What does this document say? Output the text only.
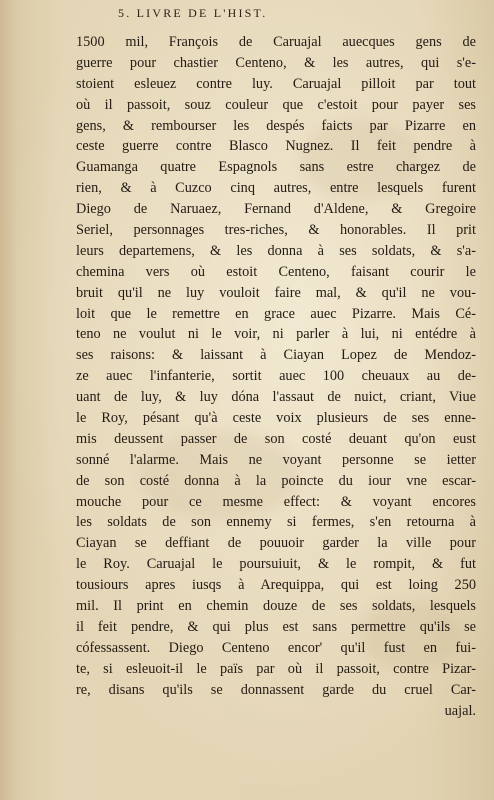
5. LIVRE DE L'HIST.
1500 mil, François de Caruajal auecques gens de
guerre pour chastier Centeno, & les autres, qui s'e-
stoient esleuez contre luy. Caruajal pilloit par tout
où il passoit, souz couleur que c'estoit pour payer ses
gens, & rembourser les despés faicts par Pizarre en
ceste guerre contre Blasco Nugnez. Il feit pendre à
Guamanga quatre Espagnols sans estre chargez de
rien, & à Cuzco cinq autres, entre lesquels furent
Diego de Naruaez, Fernand d'Aldene, & Gregoire
Seriel, personnages tres-riches, & honorables. Il prit
leurs departemens, & les donna à ses soldats, & s'a-
chemina vers où estoit Centeno, faisant courir le
bruit qu'il ne luy vouloit faire mal, & qu'il ne vou-
loit que le remettre en grace auec Pizarre. Mais Cé-
teno ne voulut ni le voir, ni parler à lui, ni entédre à
ses raisons: & laissant à Ciayan Lopez de Mendoz-
ze auec l'infanterie, sortit auec 100 cheuaux au de-
uant de luy, & luy dóna l'assaut de nuict, criant, Viue
le Roy, pésant qu'à ceste voix plusieurs de ses enne-
mis deussent passer de son costé deuant qu'on eust
sonné l'alarme. Mais ne voyant personne se ietter
de son costé donna à la poincte du iour vne escar-
mouche pour ce mesme effect: & voyant encores
les soldats de son ennemy si fermes, s'en retourna à
Ciayan se deffiant de pouuoir garder la ville pour
le Roy. Caruajal le poursuiuit, & le rompit, & fut
tousiours apres iusqs à Arequippa, qui est loing 250
mil. Il print en chemin douze de ses soldats, lesquels
il feit pendre, & qui plus est sans permettre qu'ils se
cófessassent. Diego Centeno encor' qu'il fust en fui-
te, si esleuoit-il le païs par où il passoit, contre Pizar-
re, disans qu'ils se donnassent garde du cruel Car-
uajal.
